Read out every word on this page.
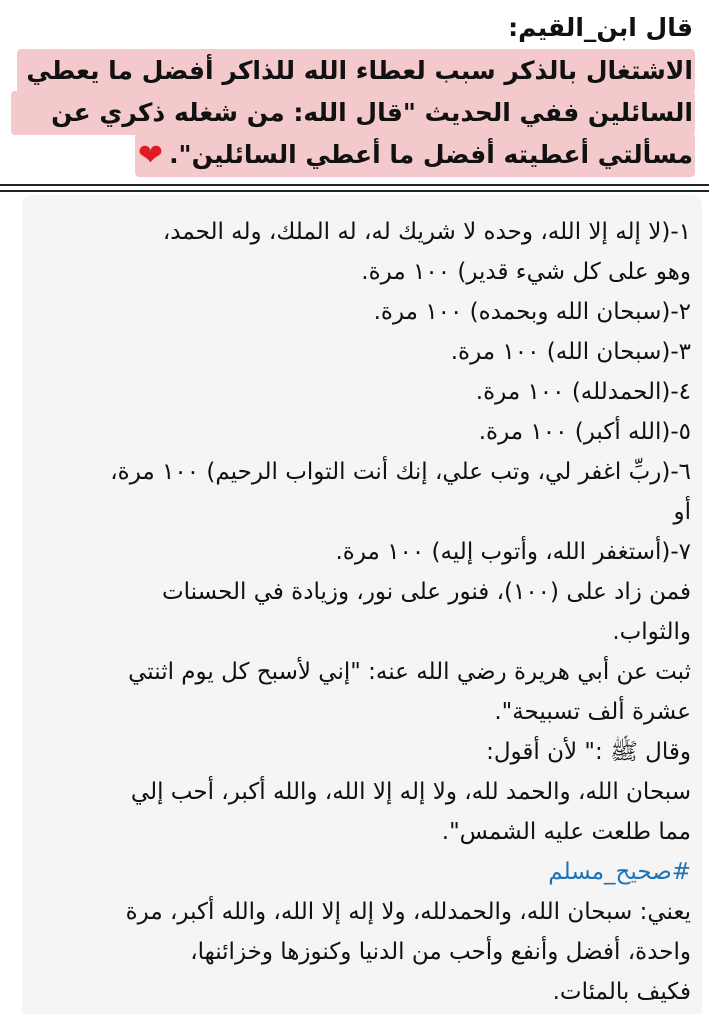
قال ابن_القيم:
الاشتغال بالذكر سبب لعطاء الله للذاكر أفضل ما يعطي
السائلين ففي الحديث "قال الله: من شغله ذكري عن
مسألتي أعطيته أفضل ما أعطي السائلين".❤
١-(لا إله إلا الله، وحده لا شريك له، له الملك، وله الحمد،
وهو على كل شيء قدير) ١٠٠ مرة.
٢-(سبحان الله وبحمده) ١٠٠ مرة.
٣-(سبحان الله) ١٠٠ مرة.
٤-(الحمدلله) ١٠٠ مرة.
٥-(الله أكبر) ١٠٠ مرة.
٦-(ربِّ اغفر لي، وتب علي، إنك أنت التواب الرحيم) ١٠٠ مرة،
أو
٧-(أستغفر الله، وأتوب إليه) ١٠٠ مرة.
فمن زاد على (١٠٠)، فنور على نور، وزيادة في الحسنات
والثواب.
ثبت عن أبي هريرة رضي الله عنه: "إني لأسبح كل يوم اثنتي
عشرة ألف تسبيحة".
وقال ﷺ :" لأن أقول:
سبحان الله، والحمد لله، ولا إله إلا الله، والله أكبر، أحب إلي
مما طلعت عليه الشمس".
#صحيح_مسلم
يعني: سبحان الله، والحمدلله، ولا إله إلا الله، والله أكبر، مرة
واحدة، أفضل وأنفع وأحب من الدنيا وكنوزها وخزائنها،
فكيف بالمئات.
